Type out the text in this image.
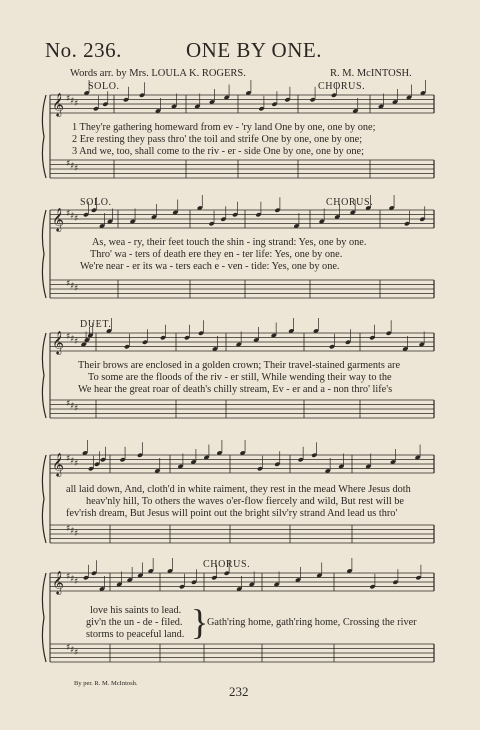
♯ ♯ ♯
♯ ♯ ♯
♯ ♯ ♯
♯ ♯ ♯
♯ ♯ ♯
♯ ♯ ♯
♯ ♯ ♯
♯ ♯ ♯
♯ ♯ ♯
♯ ♯ ♯
𝄞
𝄞
𝄞
𝄞
𝄞
No. 236.	ONE BY ONE.
Words arr. by Mrs. LOULA K. ROGERS.	R. M. McINTOSH.
SOLO.	CHORUS.
1 They're gathering homeward from ev - 'ry land One by one, one by one;
2 Ere resting they pass thro' the toil and strife One by one, one by one;
3 And we, too, shall come to the riv - er - side One by one, one by one;
SOLO.	CHORUS.
As, wea - ry, their feet touch the shin - ing strand: Yes, one by one.
Thro' wa - ters of death ere they en - ter life: Yes, one by one.
We're near - er its wa - ters each e - ven - tide: Yes, one by one.
DUET.
Their brows are enclosed in a golden crown; Their travel-stained garments are
To some are the floods of the riv - er still, While wending their way to the
We hear the great roar of death's chilly stream, Ev - er and a - non thro' life's
all laid down, And, cloth'd in white raiment, they rest in the mead Where Jesus doth
heav'nly hill, To others the waves o'er-flow fiercely and wild, But rest will be
fev'rish dream, But Jesus will point out the bright silv'ry strand And lead us thro'
CHORUS.
love his saints to lead.
giv'n the un - de - filed.
storms to peaceful land. }
Gath'ring home, gath'ring home, Crossing the river
By per. R. M. McIntosh.
232
